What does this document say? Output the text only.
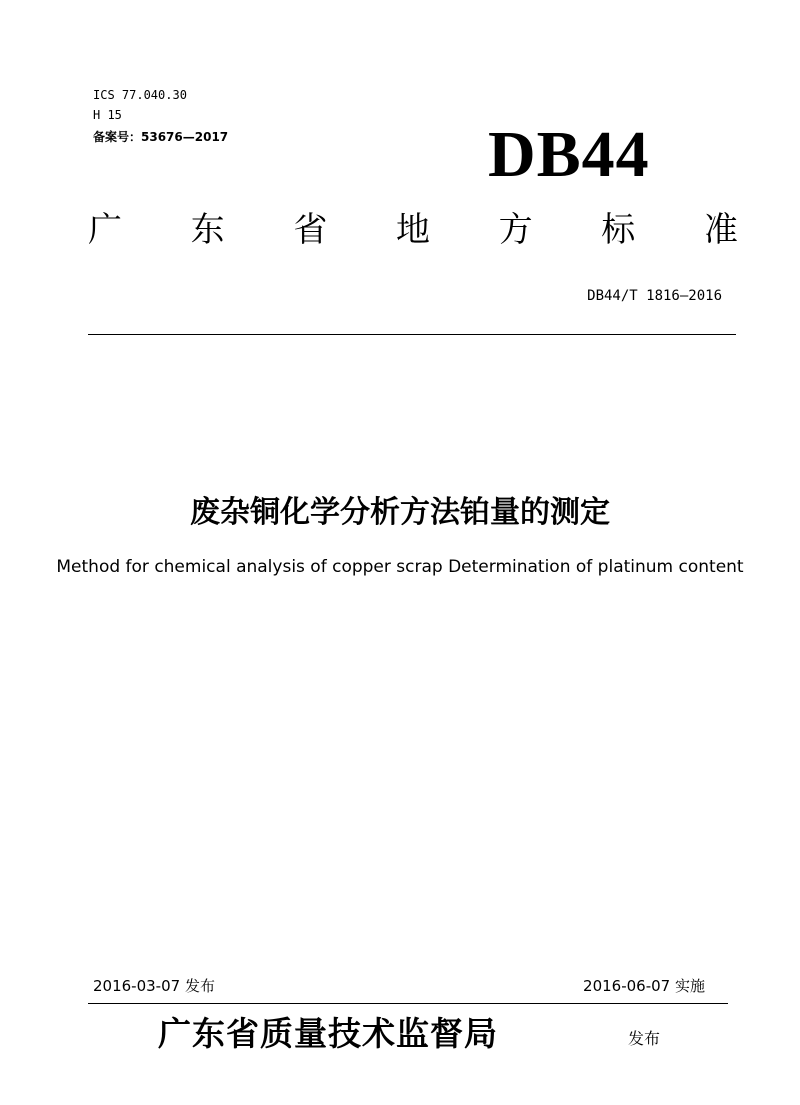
ICS 77.040.30
H 15
备案号：53676—2017	DB44
广 东 省 地 方 标 准
DB44/T 1816—2016
废杂铜化学分析方法铂量的测定
Method for chemical analysis of copper scrap Determination of platinum content
2016-03-07 发布	2016-06-07 实施
广东省质量技术监督局	发布
